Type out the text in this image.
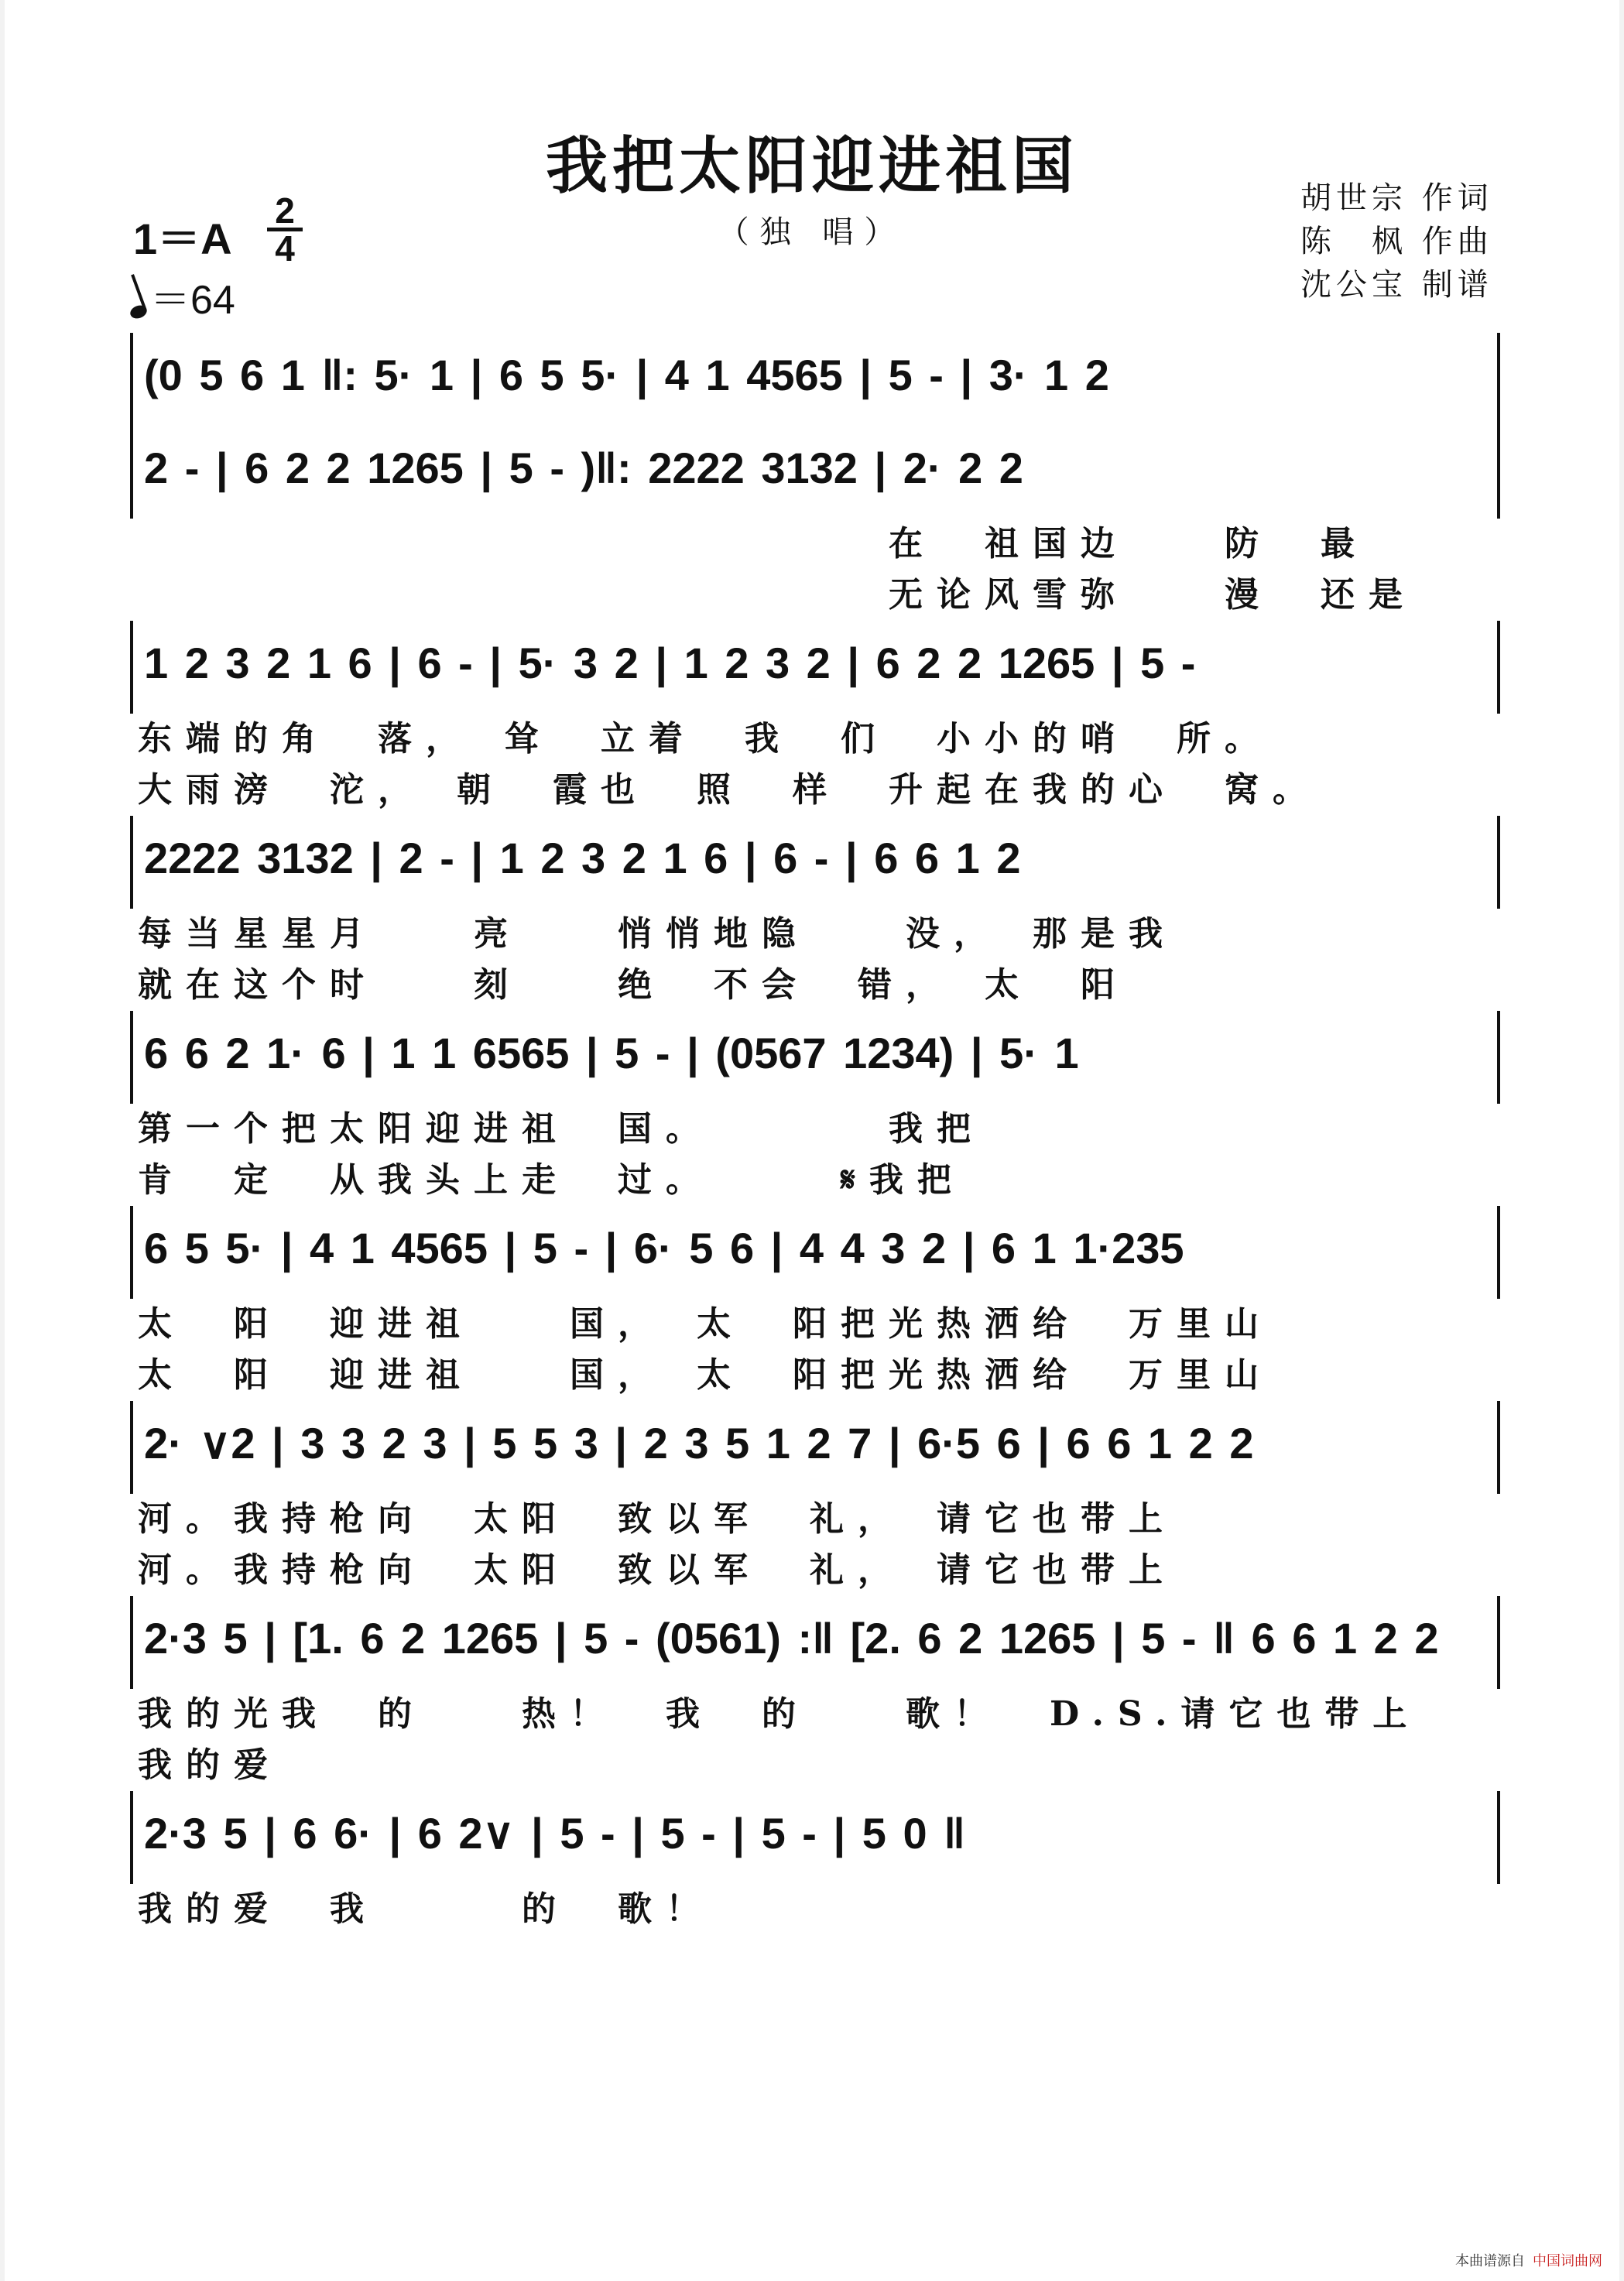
我把太阳迎进祖国
（独 唱）
胡世宗 作词
陈　枫 作曲
沈公宝 制谱
1＝A
2
4
＝64
(0 5 6 1 ‖: 5· 1 | 6 5 5· | 4 1 4565 | 5 - | 3· 1 2
2 - | 6 2 2 1265 | 5 - )‖: 2222 3132 | 2· 2 2
在　祖国边　　防　最
无论风雪弥　　漫　还是
1 2 3 2 1 6 | 6 - | 5· 3 2 | 1 2 3 2 | 6 2 2 1265 | 5 -
东端的角　落，　耸　立着　我　们　小小的哨　所。
大雨滂　沱，　朝　霞也　照　样　升起在我的心　窝。
2222 3132 | 2 - | 1 2 3 2 1 6 | 6 - | 6 6 1 2
每当星星月　　亮　　悄悄地隐　　没，　那是我
就在这个时　　刻　　绝　不会　错，　太　阳
6 6 2 1· 6 | 1 1 6565 | 5 - | (0567 1234) | 5· 1
第一个把太阳迎进祖　国。　　　　我把
肯　定　从我头上走　过。　　　𝄋我把
6 5 5· | 4 1 4565 | 5 - | 6· 5 6 | 4 4 3 2 | 6 1 1·235
太　阳　迎进祖　　国，　太　阳把光热洒给　万里山
太　阳　迎进祖　　国，　太　阳把光热洒给　万里山
2· ∨2 | 3 3 2 3 | 5 5 3 | 2 3 5 1 2 7 | 6·5 6 | 6 6 1 2 2
河。我持枪向　太阳　致以军　礼，　请它也带上
河。我持枪向　太阳　致以军　礼，　请它也带上
2·3 5 | [1. 6 2 1265 | 5 - (0561) :‖ [2. 6 2 1265 | 5 - ‖ 6 6 1 2 2
我的光我　的　　热！　我　的　　歌！　D.S.请它也带上
我的爱
2·3 5 | 6 6· | 6 2∨ | 5 - | 5 - | 5 - | 5 0 ‖
我的爱　我　　　的　歌！
本曲谱源自 中国词曲网
